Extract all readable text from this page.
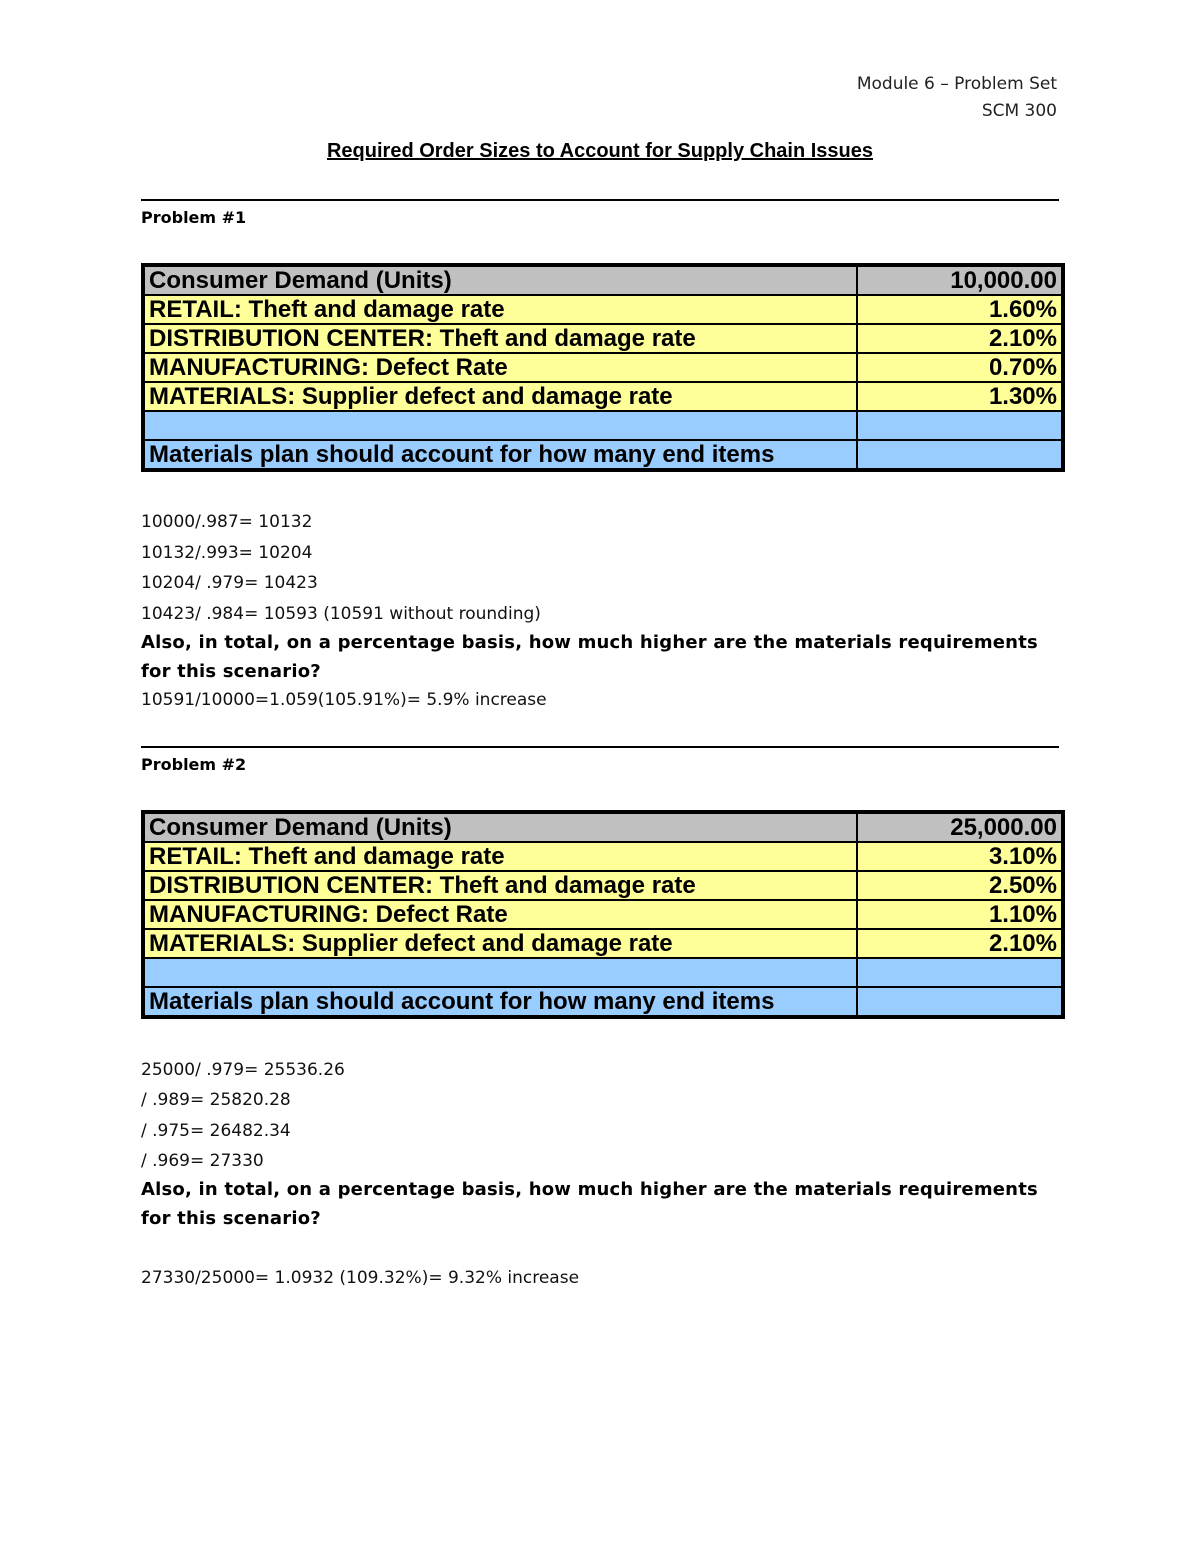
Module 6 – Problem Set
SCM 300
Required Order Sizes to Account for Supply Chain Issues
Problem #1
Consumer Demand (Units)	10,000.00
RETAIL: Theft and damage rate	1.60%
DISTRIBUTION CENTER: Theft and damage rate	2.10%
MANUFACTURING: Defect Rate	0.70%
MATERIALS: Supplier defect and damage rate	1.30%

Materials plan should account for how many end items	
10000/.987= 10132
10132/.993= 10204
10204/ .979= 10423
10423/ .984= 10593 (10591 without rounding)
Also, in total, on a percentage basis, how much higher are the materials requirements for this scenario?
10591/10000=1.059(105.91%)= 5.9% increase
Problem #2
Consumer Demand (Units)	25,000.00
RETAIL: Theft and damage rate	3.10%
DISTRIBUTION CENTER: Theft and damage rate	2.50%
MANUFACTURING: Defect Rate	1.10%
MATERIALS: Supplier defect and damage rate	2.10%

Materials plan should account for how many end items	
25000/ .979= 25536.26
/ .989= 25820.28
/ .975= 26482.34
/ .969= 27330
Also, in total, on a percentage basis, how much higher are the materials requirements for this scenario?
27330/25000= 1.0932 (109.32%)= 9.32% increase
